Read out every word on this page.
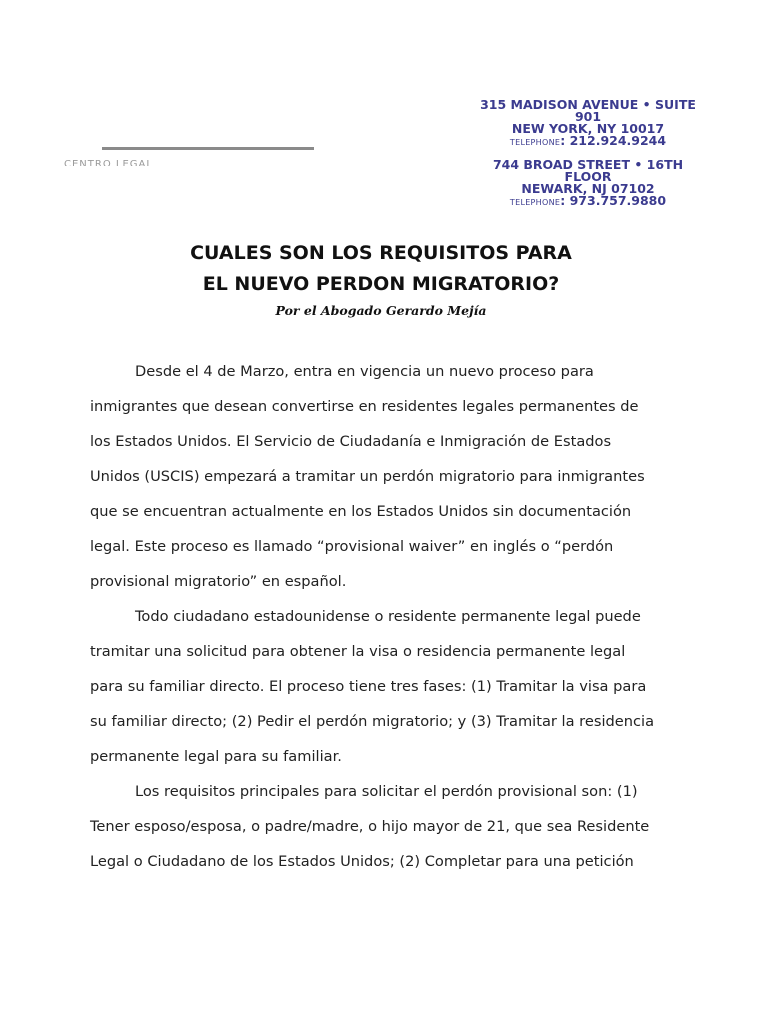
CENTRO LEGAL
315 MADISON AVENUE • SUITE 901
NEW YORK, NY 10017
TELEPHONE: 212.924.9244
744 BROAD STREET • 16TH FLOOR
NEWARK, NJ 07102
TELEPHONE: 973.757.9880
CUALES SON LOS REQUISITOS PARA
EL NUEVO PERDON MIGRATORIO?
Por el Abogado Gerardo Mejía
Desde el 4 de Marzo, entra en vigencia un nuevo proceso para
inmigrantes que desean convertirse en residentes legales permanentes de
los Estados Unidos. El Servicio de Ciudadanía e Inmigración de Estados
Unidos (USCIS) empezará a tramitar un perdón migratorio para inmigrantes
que se encuentran actualmente en los Estados Unidos sin documentación
legal. Este proceso es llamado “provisional waiver” en inglés o “perdón
provisional migratorio” en español.
Todo ciudadano estadounidense o residente permanente legal puede
tramitar una solicitud para obtener la visa o residencia permanente legal
para su familiar directo. El proceso tiene tres fases: (1) Tramitar la visa para
su familiar directo; (2) Pedir el perdón migratorio; y (3) Tramitar la residencia
permanente legal para su familiar.
Los requisitos principales para solicitar el perdón provisional son: (1)
Tener esposo/esposa, o padre/madre, o hijo mayor de 21, que sea Residente
Legal o Ciudadano de los Estados Unidos; (2) Completar para una petición
